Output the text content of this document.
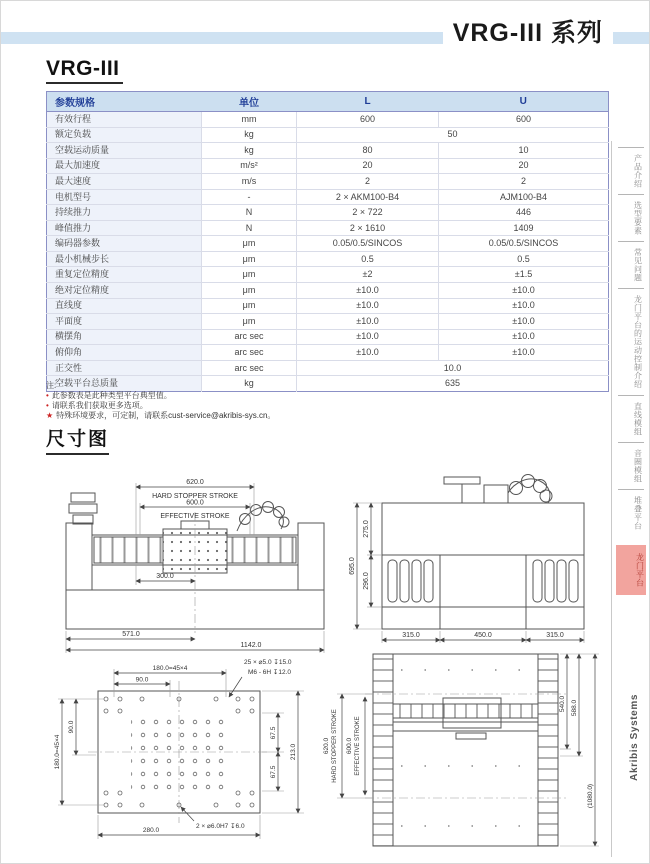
VRG-III 系列
VRG-III
参数规格	单位	L	U
有效行程	mm	600	600
额定负载	kg	50	
空载运动质量	kg	80	10
最大加速度	m/s²	20	20
最大速度	m/s	2	2
电机型号	-	2 × AKM100-B4	AJM100-B4
持续推力	N	2 × 722	446
峰值推力	N	2 × 1610	1409
编码器参数	μm	0.05/0.5/SINCOS	0.05/0.5/SINCOS
最小机械步长	μm	0.5	0.5
重复定位精度	μm	±2	±1.5
绝对定位精度	μm	±10.0	±10.0
直线度	μm	±10.0	±10.0
平面度	μm	±10.0	±10.0
横摆角	arc sec	±10.0	±10.0
俯仰角	arc sec	±10.0	±10.0
正交性	arc sec	10.0	
空载平台总质量	kg	635	
注:
• 此参数表是此种类型平台典型值。
• 请联系我们获取更多选项。
★ 特殊环境要求，可定制，请联系cust-service@akribis-sys.cn。
尺寸图
620.0
HARD STOPPER STROKE
600.0
EFFECTIVE STROKE
300.0
571.0
1142.0
695.0
275.0
296.0
315.0	450.0	315.0
180.0=45×4
90.0
180.0=45×4
90.0
25 × ⌀5.0 ↧15.0
M6 - 6H ↧12.0
67.5
67.5
213.0
2 × ⌀6.0H7 ↧6.0
280.0
620.0 HARD STOPPER STROKE 600.0 EFFECTIVE STROKE
540.0 588.0
(1080.0)
产品介绍
选型要素
常见问题
龙门平台的运动控制介绍
直线模组
音圈模组
堆叠平台
龙门平台
Akribis Systems
